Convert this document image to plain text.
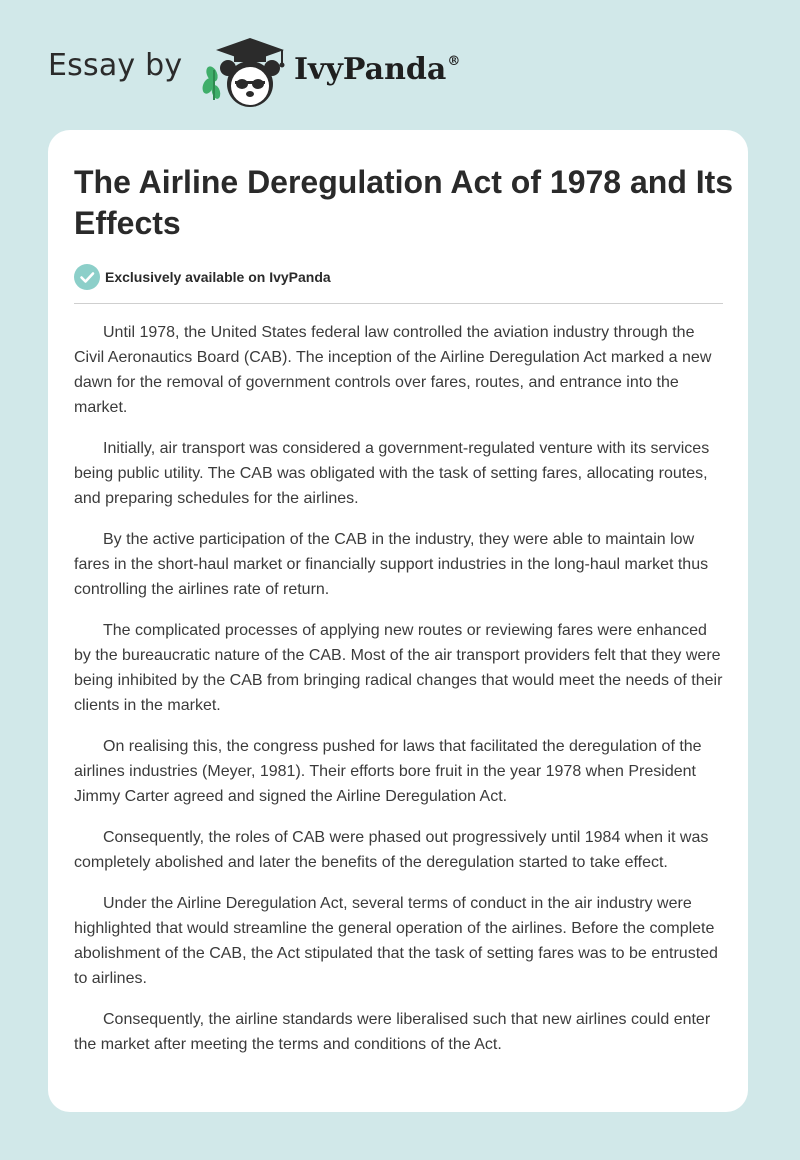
Essay by	IvyPanda®
The Airline Deregulation Act of 1978 and Its Effects
Exclusively available on IvyPanda

Until 1978, the United States federal law controlled the aviation industry through the Civil Aeronautics Board (CAB). The inception of the Airline Deregulation Act marked a new dawn for the removal of government controls over fares, routes, and entrance into the market.

Initially, air transport was considered a government-regulated venture with its services being public utility. The CAB was obligated with the task of setting fares, allocating routes, and preparing schedules for the airlines.

By the active participation of the CAB in the industry, they were able to maintain low fares in the short-haul market or financially support industries in the long-haul market thus controlling the airlines rate of return.

The complicated processes of applying new routes or reviewing fares were enhanced by the bureaucratic nature of the CAB. Most of the air transport providers felt that they were being inhibited by the CAB from bringing radical changes that would meet the needs of their clients in the market.

On realising this, the congress pushed for laws that facilitated the deregulation of the airlines industries (Meyer, 1981). Their efforts bore fruit in the year 1978 when President Jimmy Carter agreed and signed the Airline Deregulation Act.

Consequently, the roles of CAB were phased out progressively until 1984 when it was completely abolished and later the benefits of the deregulation started to take effect.

Under the Airline Deregulation Act, several terms of conduct in the air industry were highlighted that would streamline the general operation of the airlines. Before the complete abolishment of the CAB, the Act stipulated that the task of setting fares was to be entrusted to airlines.

Consequently, the airline standards were liberalised such that new airlines could enter the market after meeting the terms and conditions of the Act.
